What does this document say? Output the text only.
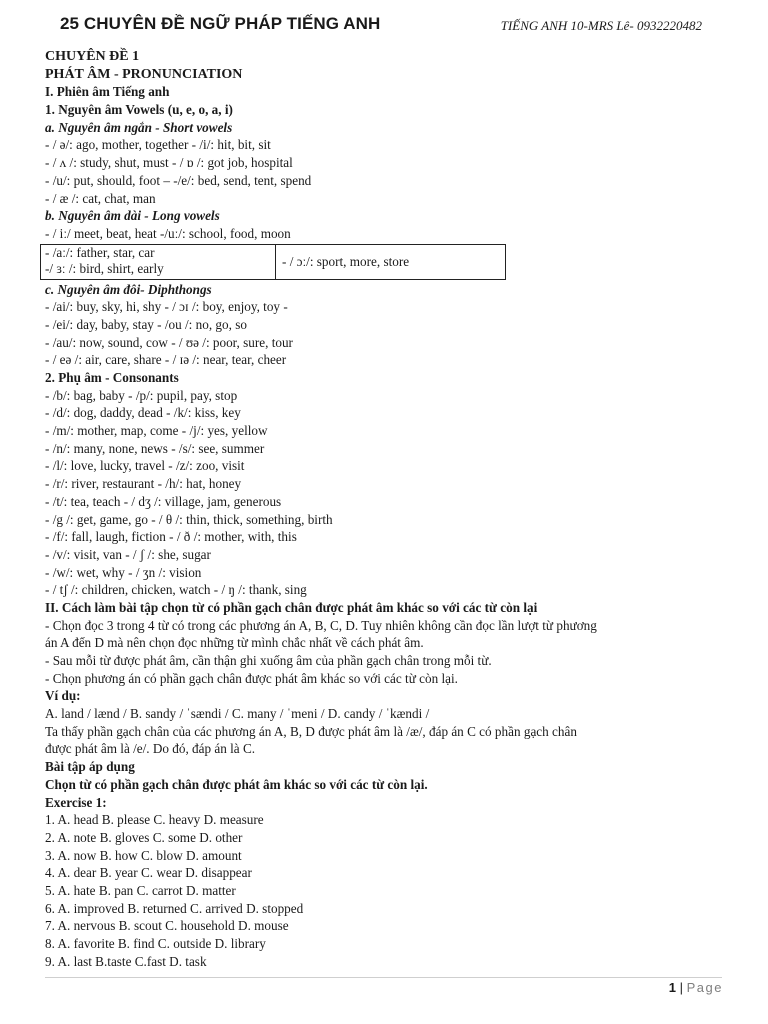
25 CHUYÊN ĐỀ NGỮ PHÁP TIẾNG ANH	TIẾNG ANH 10-MRS Lê- 0932220482
CHUYÊN ĐỀ 1
PHÁT ÂM - PRONUNCIATION
I. Phiên âm Tiếng anh
1. Nguyên âm Vowels (u, e, o, a, i)
a. Nguyên âm ngắn - Short vowels
- / ə/: ago, mother, together - /i/: hit, bit, sit
- / ʌ /: study, shut, must - / ɒ /: got job, hospital
- /u/: put, should, foot – -/e/: bed, send, tent, spend
- / æ /: cat, chat, man
b. Nguyên âm dài - Long vowels
- / iː/ meet, beat, heat -/uː/: school, food, moon
- /aː/: father, star, car
-/ ɜː /: bird, shirt, early	- / ɔː/: sport, more, store
c. Nguyên âm đôi- Diphthongs
- /ai/: buy, sky, hi, shy - / ɔɪ /: boy, enjoy, toy -
- /ei/: day, baby, stay - /ou /: no, go, so
- /au/: now, sound, cow - / ʊə /: poor, sure, tour
- / eə /: air, care, share - / ɪə /: near, tear, cheer
2. Phụ âm - Consonants
- /b/: bag, baby - /p/: pupil, pay, stop
- /d/: dog, daddy, dead - /k/: kiss, key
- /m/: mother, map, come - /j/: yes, yellow
- /n/: many, none, news - /s/: see, summer
- /l/: love, lucky, travel - /z/: zoo, visit
- /r/: river, restaurant - /h/: hat, honey
- /t/: tea, teach - / dʒ /: village, jam, generous
- /g /: get, game, go - / θ /: thin, thick, something, birth
- /f/: fall, laugh, fiction - / ð /: mother, with, this
- /v/: visit, van - / ʃ /: she, sugar
- /w/: wet, why - / ʒn /: vision
- / tʃ /: children, chicken, watch - / ŋ /: thank, sing
II. Cách làm bài tập chọn từ có phần gạch chân được phát âm khác so với các từ còn lại
- Chọn đọc 3 trong 4 từ có trong các phương án A, B, C, D. Tuy nhiên không cần đọc lần lượt từ phương
án A đến D mà nên chọn đọc những từ mình chắc nhất về cách phát âm.
- Sau mỗi từ được phát âm, cần thận ghi xuống âm của phần gạch chân trong mỗi từ.
- Chọn phương án có phần gạch chân được phát âm khác so với các từ còn lại.
Ví dụ:
A. land / lænd / B. sandy / ˈsændi / C. many / ˈmeni / D. candy / ˈkændi /
Ta thấy phần gạch chân của các phương án A, B, D được phát âm là /æ/, đáp án C có phần gạch chân
được phát âm là /e/. Do đó, đáp án là C.
Bài tập áp dụng
Chọn từ có phần gạch chân được phát âm khác so với các từ còn lại.
Exercise 1:
1. A. head B. please C. heavy D. measure
2. A. note B. gloves C. some D. other
3. A. now B. how C. blow D. amount
4. A. dear B. year C. wear D. disappear
5. A. hate B. pan C. carrot D. matter
6. A. improved B. returned C. arrived D. stopped
7. A. nervous B. scout C. household D. mouse
8. A. favorite B. find C. outside D. library
9. A. last B.taste C.fast D. task
1 | Page
